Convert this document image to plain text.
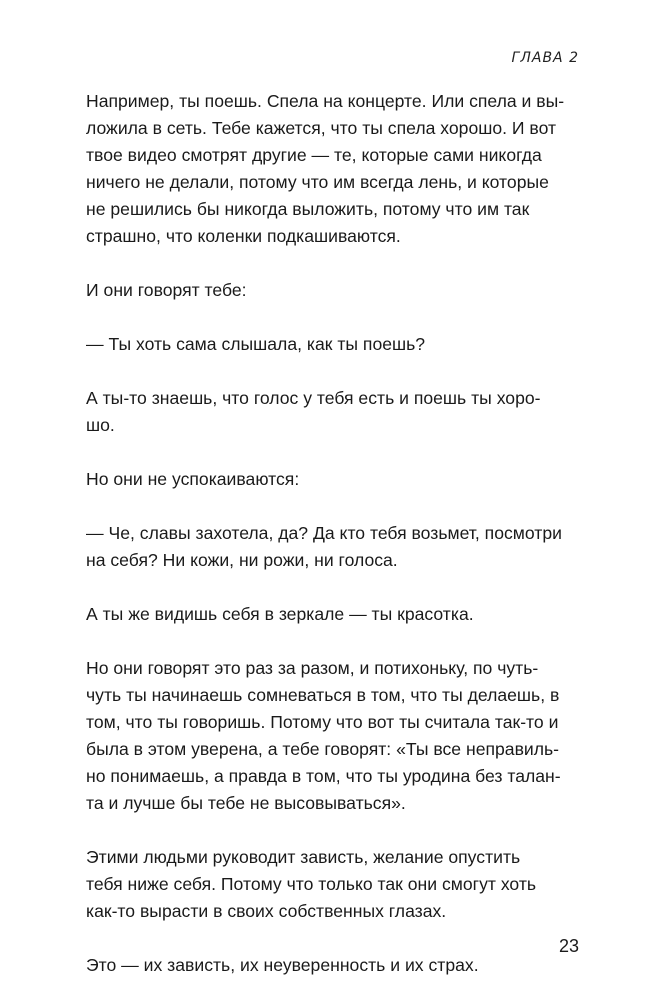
ГЛАВА 2

Например, ты поешь. Спела на концерте. Или спела и вы-

ложила в сеть. Тебе кажется, что ты спела хорошо. И вот

твое видео смотрят другие — те, которые сами никогда

ничего не делали, потому что им всегда лень, и которые

не решились бы никогда выложить, потому что им так

страшно, что коленки подкашиваются.

И они говорят тебе:

— Ты хоть сама слышала, как ты поешь?

А ты-то знаешь, что голос у тебя есть и поешь ты хоро-

шо.

Но они не успокаиваются:

— Че, славы захотела, да? Да кто тебя возьмет, посмотри

на себя? Ни кожи, ни рожи, ни голоса.

А ты же видишь себя в зеркале — ты красотка.

Но они говорят это раз за разом, и потихоньку, по чуть-

чуть ты начинаешь сомневаться в том, что ты делаешь, в

том, что ты говоришь. Потому что вот ты считала так-то и

была в этом уверена, а тебе говорят: «Ты все неправиль-

но понимаешь, а правда в том, что ты уродина без талан-

та и лучше бы тебе не высовываться».

Этими людьми руководит зависть, желание опустить

тебя ниже себя. Потому что только так они смогут хоть

как-то вырасти в своих собственных глазах.

Это — их зависть, их неуверенность и их страх.

23
